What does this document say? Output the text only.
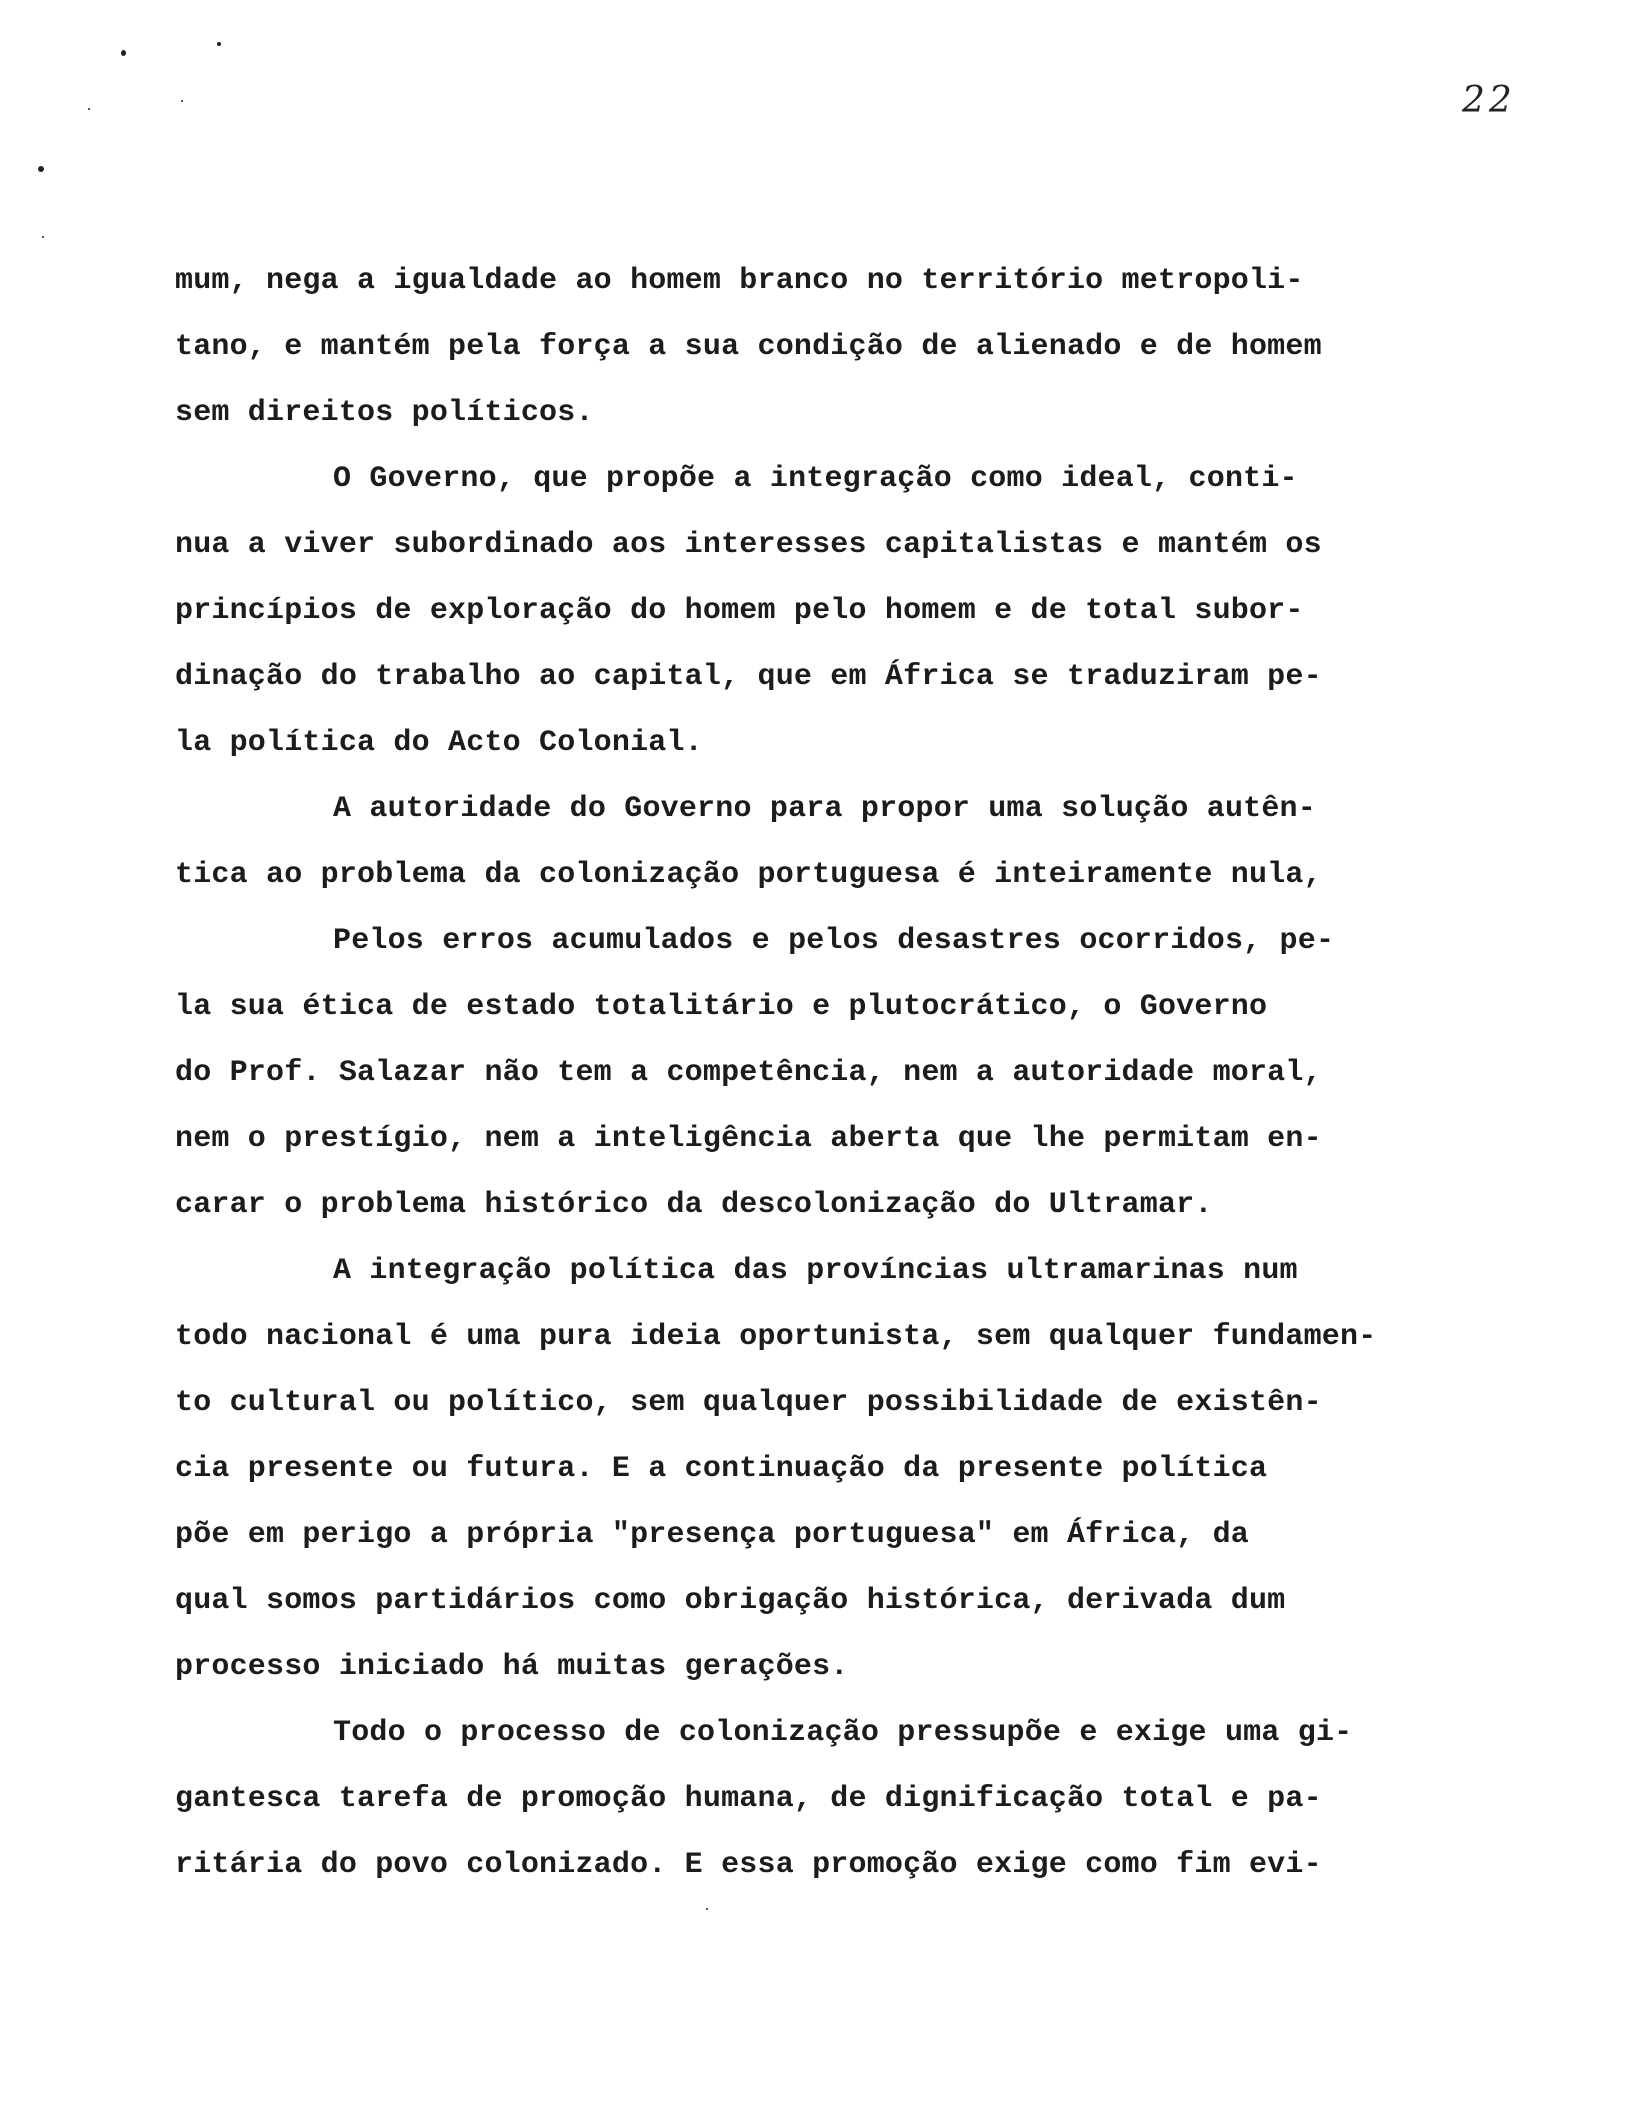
22
mum, nega a igualdade ao homem branco no território metropoli-
tano, e mantém pela força a sua condição de alienado e de homem
sem direitos políticos.
O Governo, que propõe a integração como ideal, conti-
nua a viver subordinado aos interesses capitalistas e mantém os
princípios de exploração do homem pelo homem e de total subor-
dinação do trabalho ao capital, que em África se traduziram pe-
la política do Acto Colonial.
A autoridade do Governo para propor uma solução autên-
tica ao problema da colonização portuguesa é inteiramente nula,
Pelos erros acumulados e pelos desastres ocorridos, pe-
la sua ética de estado totalitário e plutocrático, o Governo
do Prof. Salazar não tem a competência, nem a autoridade moral,
nem o prestígio, nem a inteligência aberta que lhe permitam en-
carar o problema histórico da descolonização do Ultramar.
A integração política das províncias ultramarinas num
todo nacional é uma pura ideia oportunista, sem qualquer fundamen-
to cultural ou político, sem qualquer possibilidade de existên-
cia presente ou futura. E a continuação da presente política
põe em perigo a própria "presença portuguesa" em África, da
qual somos partidários como obrigação histórica, derivada dum
processo iniciado há muitas gerações.
Todo o processo de colonização pressupõe e exige uma gi-
gantesca tarefa de promoção humana, de dignificação total e pa-
ritária do povo colonizado. E essa promoção exige como fim evi-
